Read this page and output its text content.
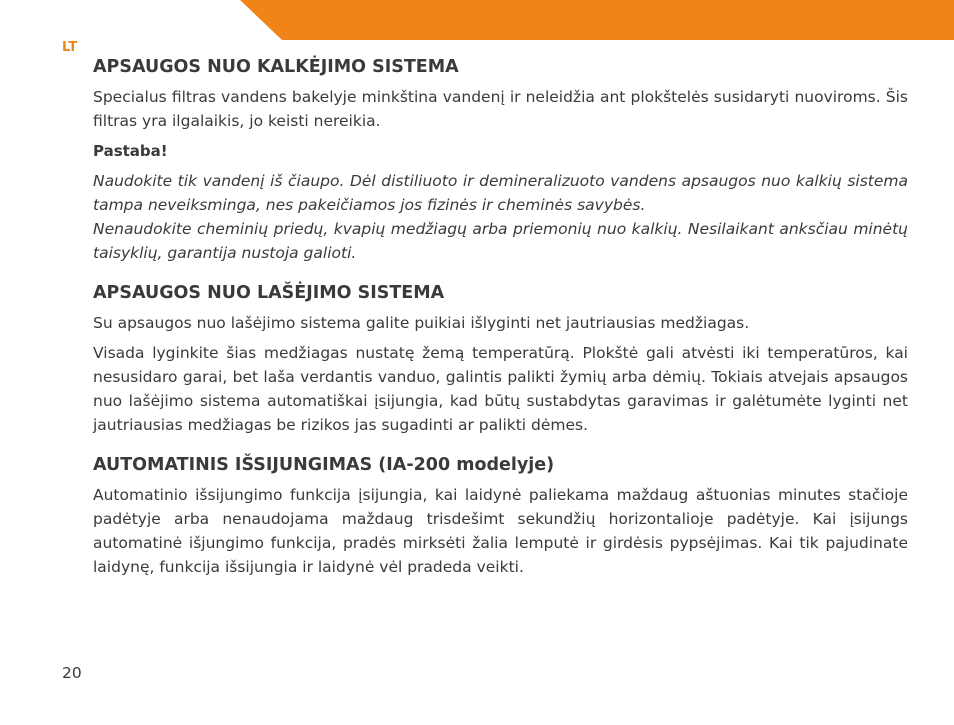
LT
APSAUGOS NUO KALKĖJIMO SISTEMA

Specialus filtras vandens bakelyje minkština vandenį ir neleidžia ant plokštelės susidaryti nuoviroms. Šis filtras yra ilgalaikis, jo keisti nereikia.

Pastaba!

Naudokite tik vandenį iš čiaupo. Dėl distiliuoto ir demineralizuoto vandens apsaugos nuo kalkių sistema tampa neveiksminga, nes pakeičiamos jos fizinės ir cheminės savybės.

Nenaudokite cheminių priedų, kvapių medžiagų arba priemonių nuo kalkių. Nesilaikant anksčiau minėtų taisyklių, garantija nustoja galioti.

APSAUGOS NUO LAŠĖJIMO SISTEMA

Su apsaugos nuo lašėjimo sistema galite puikiai išlyginti net jautriausias medžiagas.

Visada lyginkite šias medžiagas nustatę žemą temperatūrą. Plokštė gali atvėsti iki temperatūros, kai nesusidaro garai, bet laša verdantis vanduo, galintis palikti žymių arba dėmių. Tokiais atvejais apsaugos nuo lašėjimo sistema automatiškai įsijungia, kad būtų sustabdytas garavimas ir galėtumėte lyginti net jautriausias medžiagas be rizikos jas sugadinti ar palikti dėmes.

AUTOMATINIS IŠSIJUNGIMAS (IA-200 modelyje)

Automatinio išsijungimo funkcija įsijungia, kai laidynė paliekama maždaug aštuonias minutes stačioje padėtyje arba nenaudojama maždaug trisdešimt sekundžių horizontalioje padėtyje. Kai įsijungs automatinė išjungimo funkcija, pradės mirksėti žalia lemputė ir girdėsis pypsėjimas. Kai tik pajudinate laidynę, funkcija išsijungia ir laidynė vėl pradeda veikti.

20
